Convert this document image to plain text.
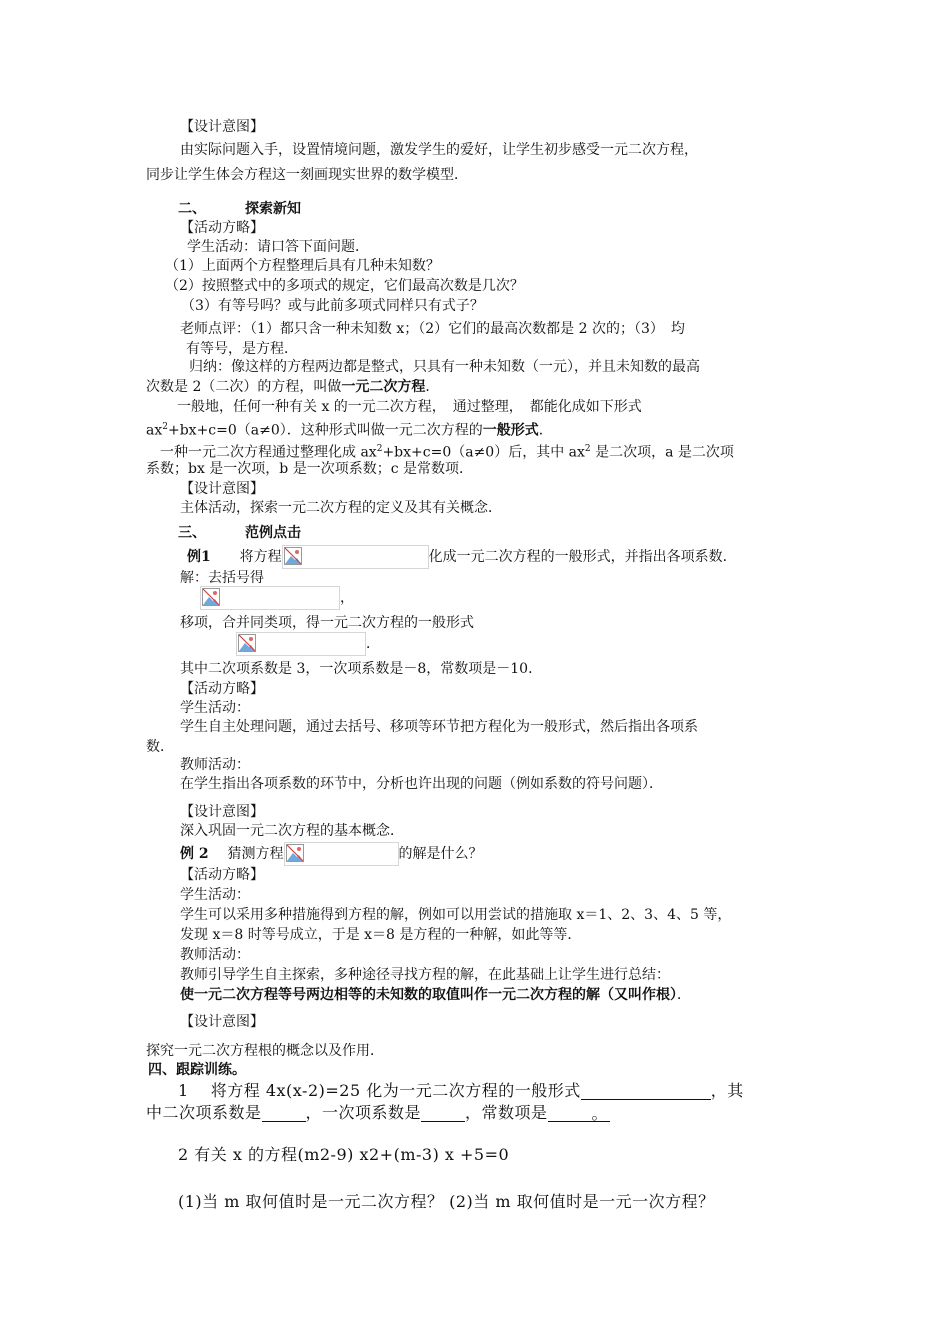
【设计意图】
由实际问题入手，设置情境问题，激发学生的爱好，让学生初步感受一元二次方程，
同步让学生体会方程这一刻画现实世界的数学模型．
二、	探索新知
【活动方略】
学生活动：请口答下面问题．
（1）上面两个方程整理后具有几种未知数？
（2）按照整式中的多项式的规定，它们最高次数是几次？
（3）有等号吗？或与此前多项式同样只有式子？
老师点评：（1）都只含一种未知数 x；（2）它们的最高次数都是 2 次的；（3）　均
有等号，是方程．
归纳：像这样的方程两边都是整式，只具有一种未知数（一元），并且未知数的最高
次数是 2（二次）的方程，叫做一元二次方程．
一般地，任何一种有关 x 的一元二次方程，　通过整理，　都能化成如下形式
$ax^2+bx+c=0(a\ne 0)$．这种形式叫做一元二次方程的一般形式．
一种一元二次方程通过整理化成 $ax^2+bx+c=0(a\ne 0)$后，其中 $ax^2$ 是二次项，a 是二次项
系数；bx 是一次项，b 是一次项系数；c 是常数项．
【设计意图】
主体活动，探索一元二次方程的定义及其有关概念．
三、	范例点击
例1 将方程	化成一元二次方程的一般形式，并指出各项系数．
解：去括号得
，
移项，合并同类项，得一元二次方程的一般形式
．
其中二次项系数是 3，一次项系数是－8，常数项是－10．
【活动方略】
学生活动：
学生自主处理问题，通过去括号、移项等环节把方程化为一般形式，然后指出各项系
数．
教师活动：
在学生指出各项系数的环节中，分析也许出现的问题（例如系数的符号问题）．
【设计意图】
深入巩固一元二次方程的基本概念．
例 2 猜测方程	的解是什么？
【活动方略】
学生活动：
学生可以采用多种措施得到方程的解，例如可以用尝试的措施取 x＝1、2、3、4、5 等，
发现 x＝8 时等号成立，于是 x＝8 是方程的一种解，如此等等．
教师活动：
教师引导学生自主探索，多种途径寻找方程的解，在此基础上让学生进行总结：
使一元二次方程等号两边相等的未知数的取值叫作一元二次方程的解（又叫作根）．
【设计意图】
探究一元二次方程根的概念以及作用．
四、跟踪训练。
1　 将方程 4x(x-2)=25 化为一元二次方程的一般形式	，其
中二次项系数是	，一次项系数是	，常数项是	。
2 有关 x 的方程(m2-9) x2+(m-3) x +5=0
(1)当 m 取何值时是一元二次方程？ (2)当 m 取何值时是一元一次方程？
